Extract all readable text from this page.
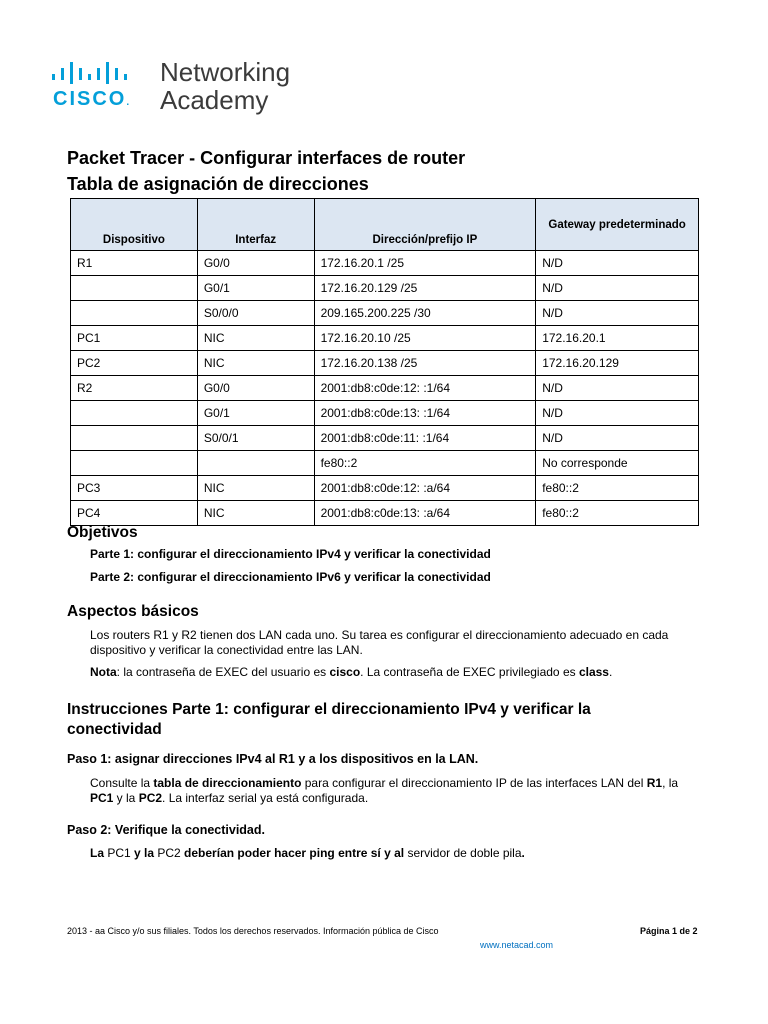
CISCO.
Networking
Academy
Packet Tracer - Configurar interfaces de router
Tabla de asignación de direcciones
Dispositivo	Interfaz	Dirección/prefijo IP	Gateway predeterminado
R1	G0/0	172.16.20.1 /25	N/D
	G0/1	172.16.20.129 /25	N/D
	S0/0/0	209.165.200.225 /30	N/D
PC1	NIC	172.16.20.10 /25	172.16.20.1
PC2	NIC	172.16.20.138 /25	172.16.20.129
R2	G0/0	2001:db8:c0de:12: :1/64	N/D
	G0/1	2001:db8:c0de:13: :1/64	N/D
	S0/0/1	2001:db8:c0de:11: :1/64	N/D
		fe80::2	No corresponde
PC3	NIC	2001:db8:c0de:12: :a/64	fe80::2
PC4	NIC	2001:db8:c0de:13: :a/64	fe80::2
Objetivos
Parte 1: configurar el direccionamiento IPv4 y verificar la conectividad
Parte 2: configurar el direccionamiento IPv6 y verificar la conectividad
Aspectos básicos
Los routers R1 y R2 tienen dos LAN cada uno. Su tarea es configurar el direccionamiento adecuado en cada dispositivo y verificar la conectividad entre las LAN.
Nota: la contraseña de EXEC del usuario es cisco. La contraseña de EXEC privilegiado es class.
Instrucciones Parte 1: configurar el direccionamiento IPv4 y verificar la conectividad
Paso 1: asignar direcciones IPv4 al R1 y a los dispositivos en la LAN.
Consulte la tabla de direccionamiento para configurar el direccionamiento IP de las interfaces LAN del R1, la PC1 y la PC2. La interfaz serial ya está configurada.
Paso 2: Verifique la conectividad.
La PC1 y la PC2 deberían poder hacer ping entre sí y al servidor de doble pila.
2013 - aa Cisco y/o sus filiales. Todos los derechos reservados. Información pública de Cisco	Página 1 de 2
www.netacad.com
